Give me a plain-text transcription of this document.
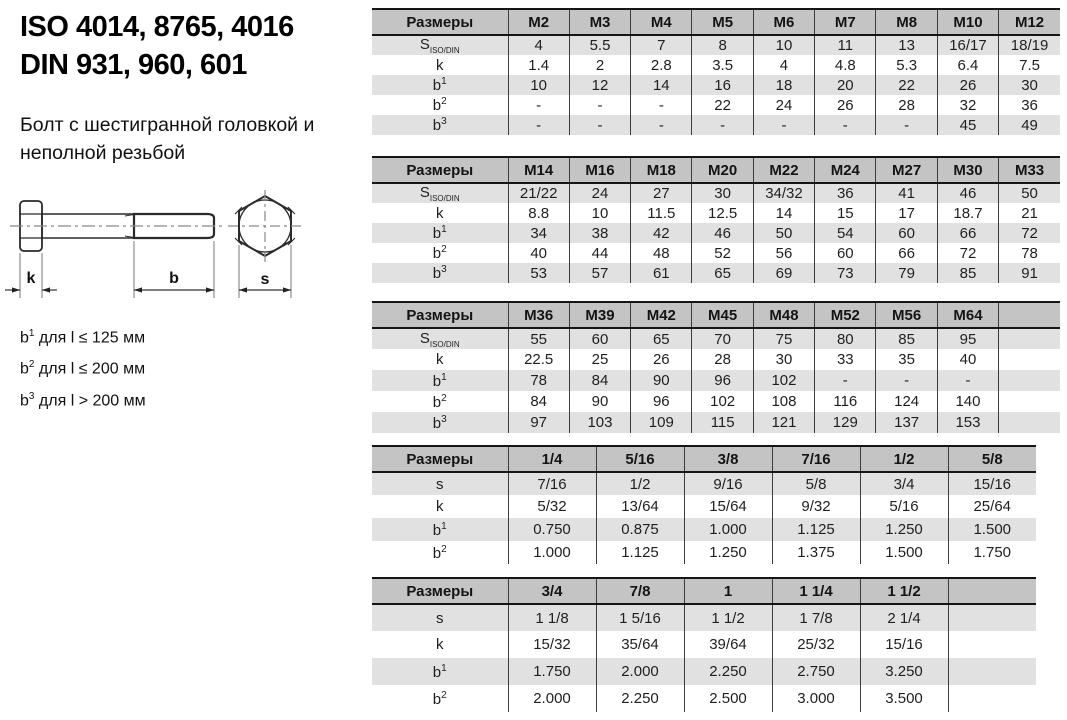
ISO 4014, 8765, 4016
DIN 931, 960, 601
Болт с шестигранной головкой и неполной резьбой
k	b	s
$b^1$ для l ≤ 125 мм
$b^2$ для l ≤ 200 мм
$b^3$ для l > 200 мм
Размеры	M2	M3	M4	M5	M6	M7	M8	M10	M12
$S_{ISO/DIN}$	4	5.5	7	8	10	11	13	16/17	18/19
k	1.4	2	2.8	3.5	4	4.8	5.3	6.4	7.5
$b^1$	10	12	14	16	18	20	22	26	30
$b^2$	-	-	-	22	24	26	28	32	36
$b^3$	-	-	-	-	-	-	-	45	49
Размеры	M14	M16	M18	M20	M22	M24	M27	M30	M33
$S_{ISO/DIN}$	21/22	24	27	30	34/32	36	41	46	50
k	8.8	10	11.5	12.5	14	15	17	18.7	21
$b^1$	34	38	42	46	50	54	60	66	72
$b^2$	40	44	48	52	56	60	66	72	78
$b^3$	53	57	61	65	69	73	79	85	91
Размеры	M36	M39	M42	M45	M48	M52	M56	M64	
$S_{ISO/DIN}$	55	60	65	70	75	80	85	95	
k	22.5	25	26	28	30	33	35	40	
$b^1$	78	84	90	96	102	-	-	-	
$b^2$	84	90	96	102	108	116	124	140	
$b^3$	97	103	109	115	121	129	137	153	
Размеры	1/4	5/16	3/8	7/16	1/2	5/8
s	7/16	1/2	9/16	5/8	3/4	15/16
k	5/32	13/64	15/64	9/32	5/16	25/64
$b^1$	0.750	0.875	1.000	1.125	1.250	1.500
$b^2$	1.000	1.125	1.250	1.375	1.500	1.750
Размеры	3/4	7/8	1	1 1/4	1 1/2	
s	1 1/8	1 5/16	1 1/2	1 7/8	2 1/4	
k	15/32	35/64	39/64	25/32	15/16	
$b^1$	1.750	2.000	2.250	2.750	3.250	
$b^2$	2.000	2.250	2.500	3.000	3.500	
